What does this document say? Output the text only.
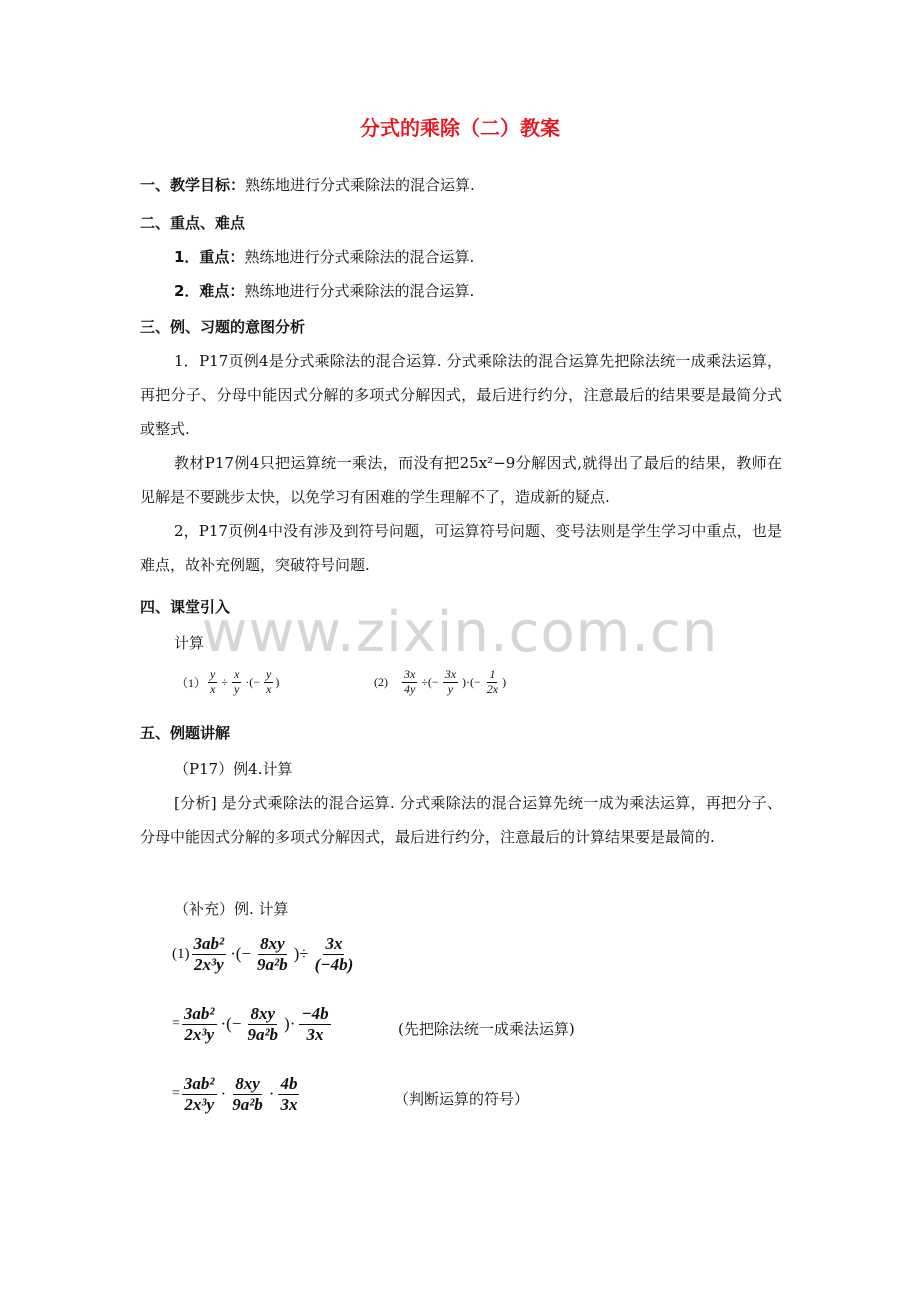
分式的乘除（二）教案
www.zixin.com.cn
一、教学目标：熟练地进行分式乘除法的混合运算.
二、重点、难点
1．重点：熟练地进行分式乘除法的混合运算.
2．难点：熟练地进行分式乘除法的混合运算.
三、例、习题的意图分析
1．P17页例4是分式乘除法的混合运算. 分式乘除法的混合运算先把除法统一成乘法运算，再把分子、分母中能因式分解的多项式分解因式，最后进行约分，注意最后的结果要是最简分式或整式.
教材P17例4只把运算统一乘法，而没有把25x²−9分解因式,就得出了最后的结果，教师在见解是不要跳步太快，以免学习有困难的学生理解不了，造成新的疑点.
2，P17页例4中没有涉及到符号问题，可运算符号问题、变号法则是学生学习中重点，也是难点，故补充例题，突破符号问题.
四、课堂引入
计算
$(1) \frac{y}{x} \div \frac{x}{y}$ ·(− $\frac{y}{x}$ )	$(2) \frac{3x}{4y}$ ÷(− $\frac{3x}{y}$ )·(− $\frac{1}{2x}$ )
五、例题讲解
（P17）例4.计算
[分析] 是分式乘除法的混合运算. 分式乘除法的混合运算先统一成为乘法运算，再把分子、分母中能因式分解的多项式分解因式，最后进行约分，注意最后的计算结果要是最简的.
（补充）例. 计算
$(1) \frac{\text{3ab²}}{\text{2x³y}}$ ·(− $\frac{8xy}{\text{9a²b}}$ )÷ $\frac{3x}{(-4b)}$
= $\frac{\text{3ab²}}{\text{2x³y}}$ ·(− $\frac{8xy}{\text{9a²b}}$ )· $\frac{-4b}{3x}$	(先把除法统一成乘法运算)
= $\frac{\text{3ab²}}{\text{2x³y}} \cdot \frac{8xy}{\text{9a²b}} \cdot \frac{4b}{3x}$	（判断运算的符号）
